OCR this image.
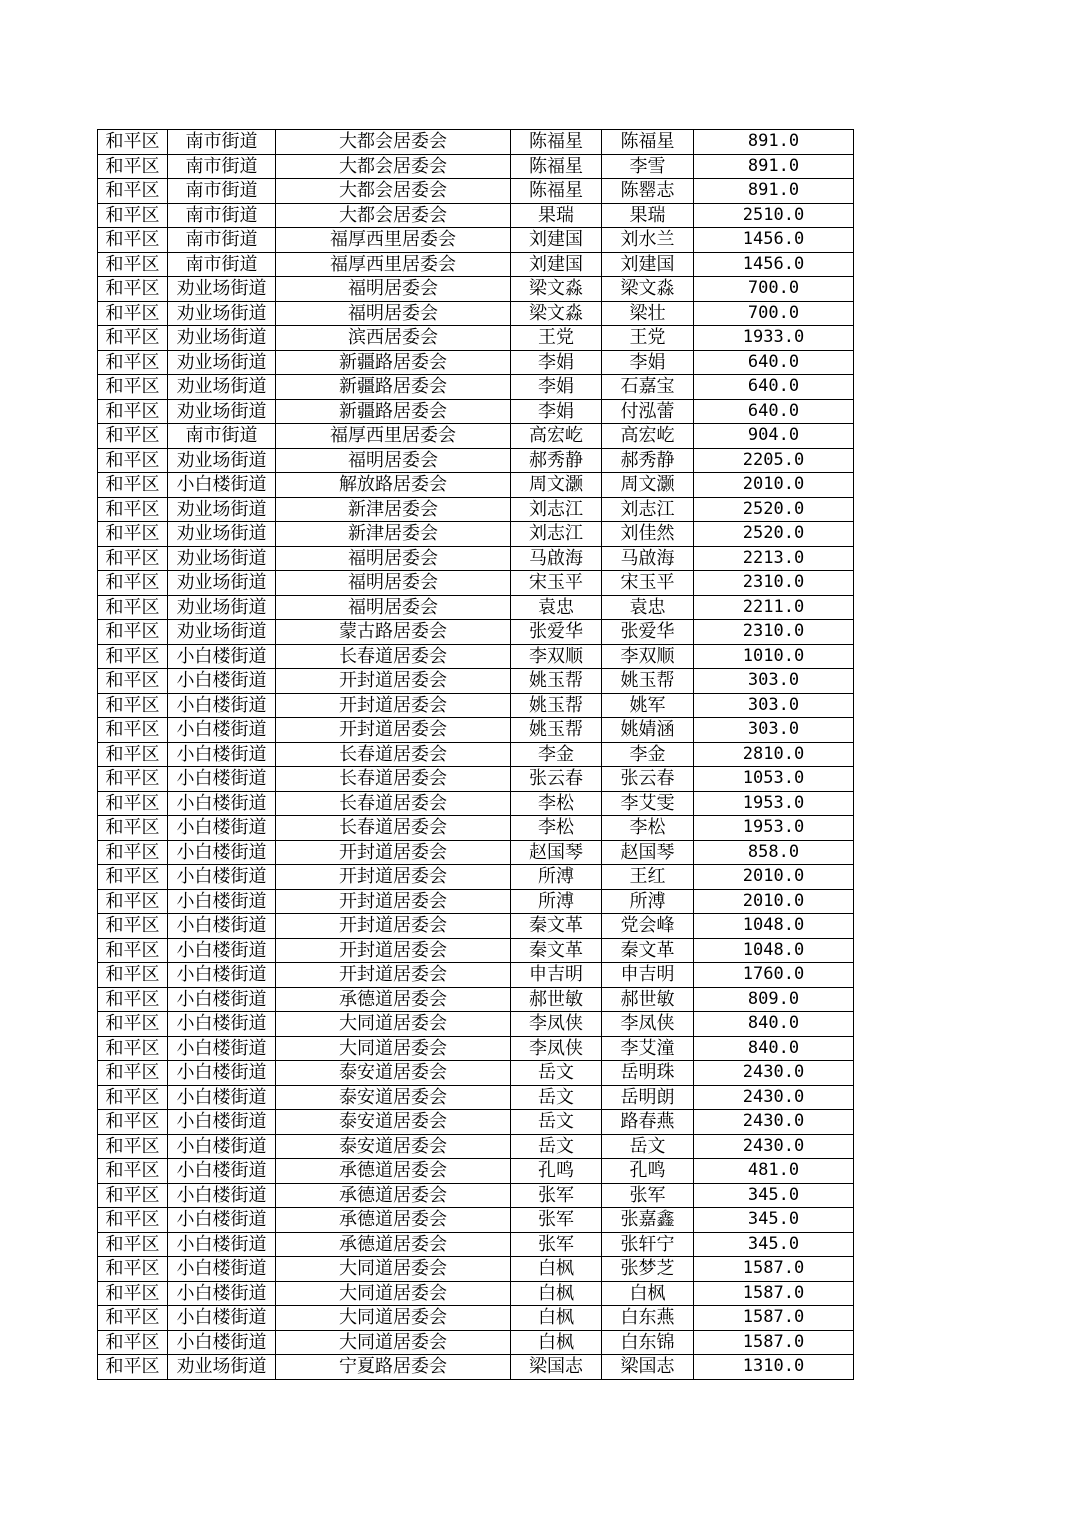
和平区	南市街道	大都会居委会	陈福星	陈福星	891.0
和平区	南市街道	大都会居委会	陈福星	李雪	891.0
和平区	南市街道	大都会居委会	陈福星	陈罂志	891.0
和平区	南市街道	大都会居委会	果瑞	果瑞	2510.0
和平区	南市街道	福厚西里居委会	刘建国	刘水兰	1456.0
和平区	南市街道	福厚西里居委会	刘建国	刘建国	1456.0
和平区	劝业场街道	福明居委会	梁文淼	梁文淼	700.0
和平区	劝业场街道	福明居委会	梁文淼	梁壮	700.0
和平区	劝业场街道	滨西居委会	王党	王党	1933.0
和平区	劝业场街道	新疆路居委会	李娟	李娟	640.0
和平区	劝业场街道	新疆路居委会	李娟	石嘉宝	640.0
和平区	劝业场街道	新疆路居委会	李娟	付泓蕾	640.0
和平区	南市街道	福厚西里居委会	高宏屹	高宏屹	904.0
和平区	劝业场街道	福明居委会	郝秀静	郝秀静	2205.0
和平区	小白楼街道	解放路居委会	周文灏	周文灏	2010.0
和平区	劝业场街道	新津居委会	刘志江	刘志江	2520.0
和平区	劝业场街道	新津居委会	刘志江	刘佳然	2520.0
和平区	劝业场街道	福明居委会	马啟海	马啟海	2213.0
和平区	劝业场街道	福明居委会	宋玉平	宋玉平	2310.0
和平区	劝业场街道	福明居委会	袁忠	袁忠	2211.0
和平区	劝业场街道	蒙古路居委会	张爱华	张爱华	2310.0
和平区	小白楼街道	长春道居委会	李双顺	李双顺	1010.0
和平区	小白楼街道	开封道居委会	姚玉帮	姚玉帮	303.0
和平区	小白楼街道	开封道居委会	姚玉帮	姚军	303.0
和平区	小白楼街道	开封道居委会	姚玉帮	姚婧涵	303.0
和平区	小白楼街道	长春道居委会	李金	李金	2810.0
和平区	小白楼街道	长春道居委会	张云春	张云春	1053.0
和平区	小白楼街道	长春道居委会	李松	李艾雯	1953.0
和平区	小白楼街道	长春道居委会	李松	李松	1953.0
和平区	小白楼街道	开封道居委会	赵国琴	赵国琴	858.0
和平区	小白楼街道	开封道居委会	所溥	王红	2010.0
和平区	小白楼街道	开封道居委会	所溥	所溥	2010.0
和平区	小白楼街道	开封道居委会	秦文革	党会峰	1048.0
和平区	小白楼街道	开封道居委会	秦文革	秦文革	1048.0
和平区	小白楼街道	开封道居委会	申吉明	申吉明	1760.0
和平区	小白楼街道	承德道居委会	郝世敏	郝世敏	809.0
和平区	小白楼街道	大同道居委会	李凤侠	李凤侠	840.0
和平区	小白楼街道	大同道居委会	李凤侠	李艾潼	840.0
和平区	小白楼街道	泰安道居委会	岳文	岳明珠	2430.0
和平区	小白楼街道	泰安道居委会	岳文	岳明朗	2430.0
和平区	小白楼街道	泰安道居委会	岳文	路春燕	2430.0
和平区	小白楼街道	泰安道居委会	岳文	岳文	2430.0
和平区	小白楼街道	承德道居委会	孔鸣	孔鸣	481.0
和平区	小白楼街道	承德道居委会	张军	张军	345.0
和平区	小白楼街道	承德道居委会	张军	张嘉鑫	345.0
和平区	小白楼街道	承德道居委会	张军	张轩宁	345.0
和平区	小白楼街道	大同道居委会	白枫	张梦芝	1587.0
和平区	小白楼街道	大同道居委会	白枫	白枫	1587.0
和平区	小白楼街道	大同道居委会	白枫	白东燕	1587.0
和平区	小白楼街道	大同道居委会	白枫	白东锦	1587.0
和平区	劝业场街道	宁夏路居委会	梁国志	梁国志	1310.0
